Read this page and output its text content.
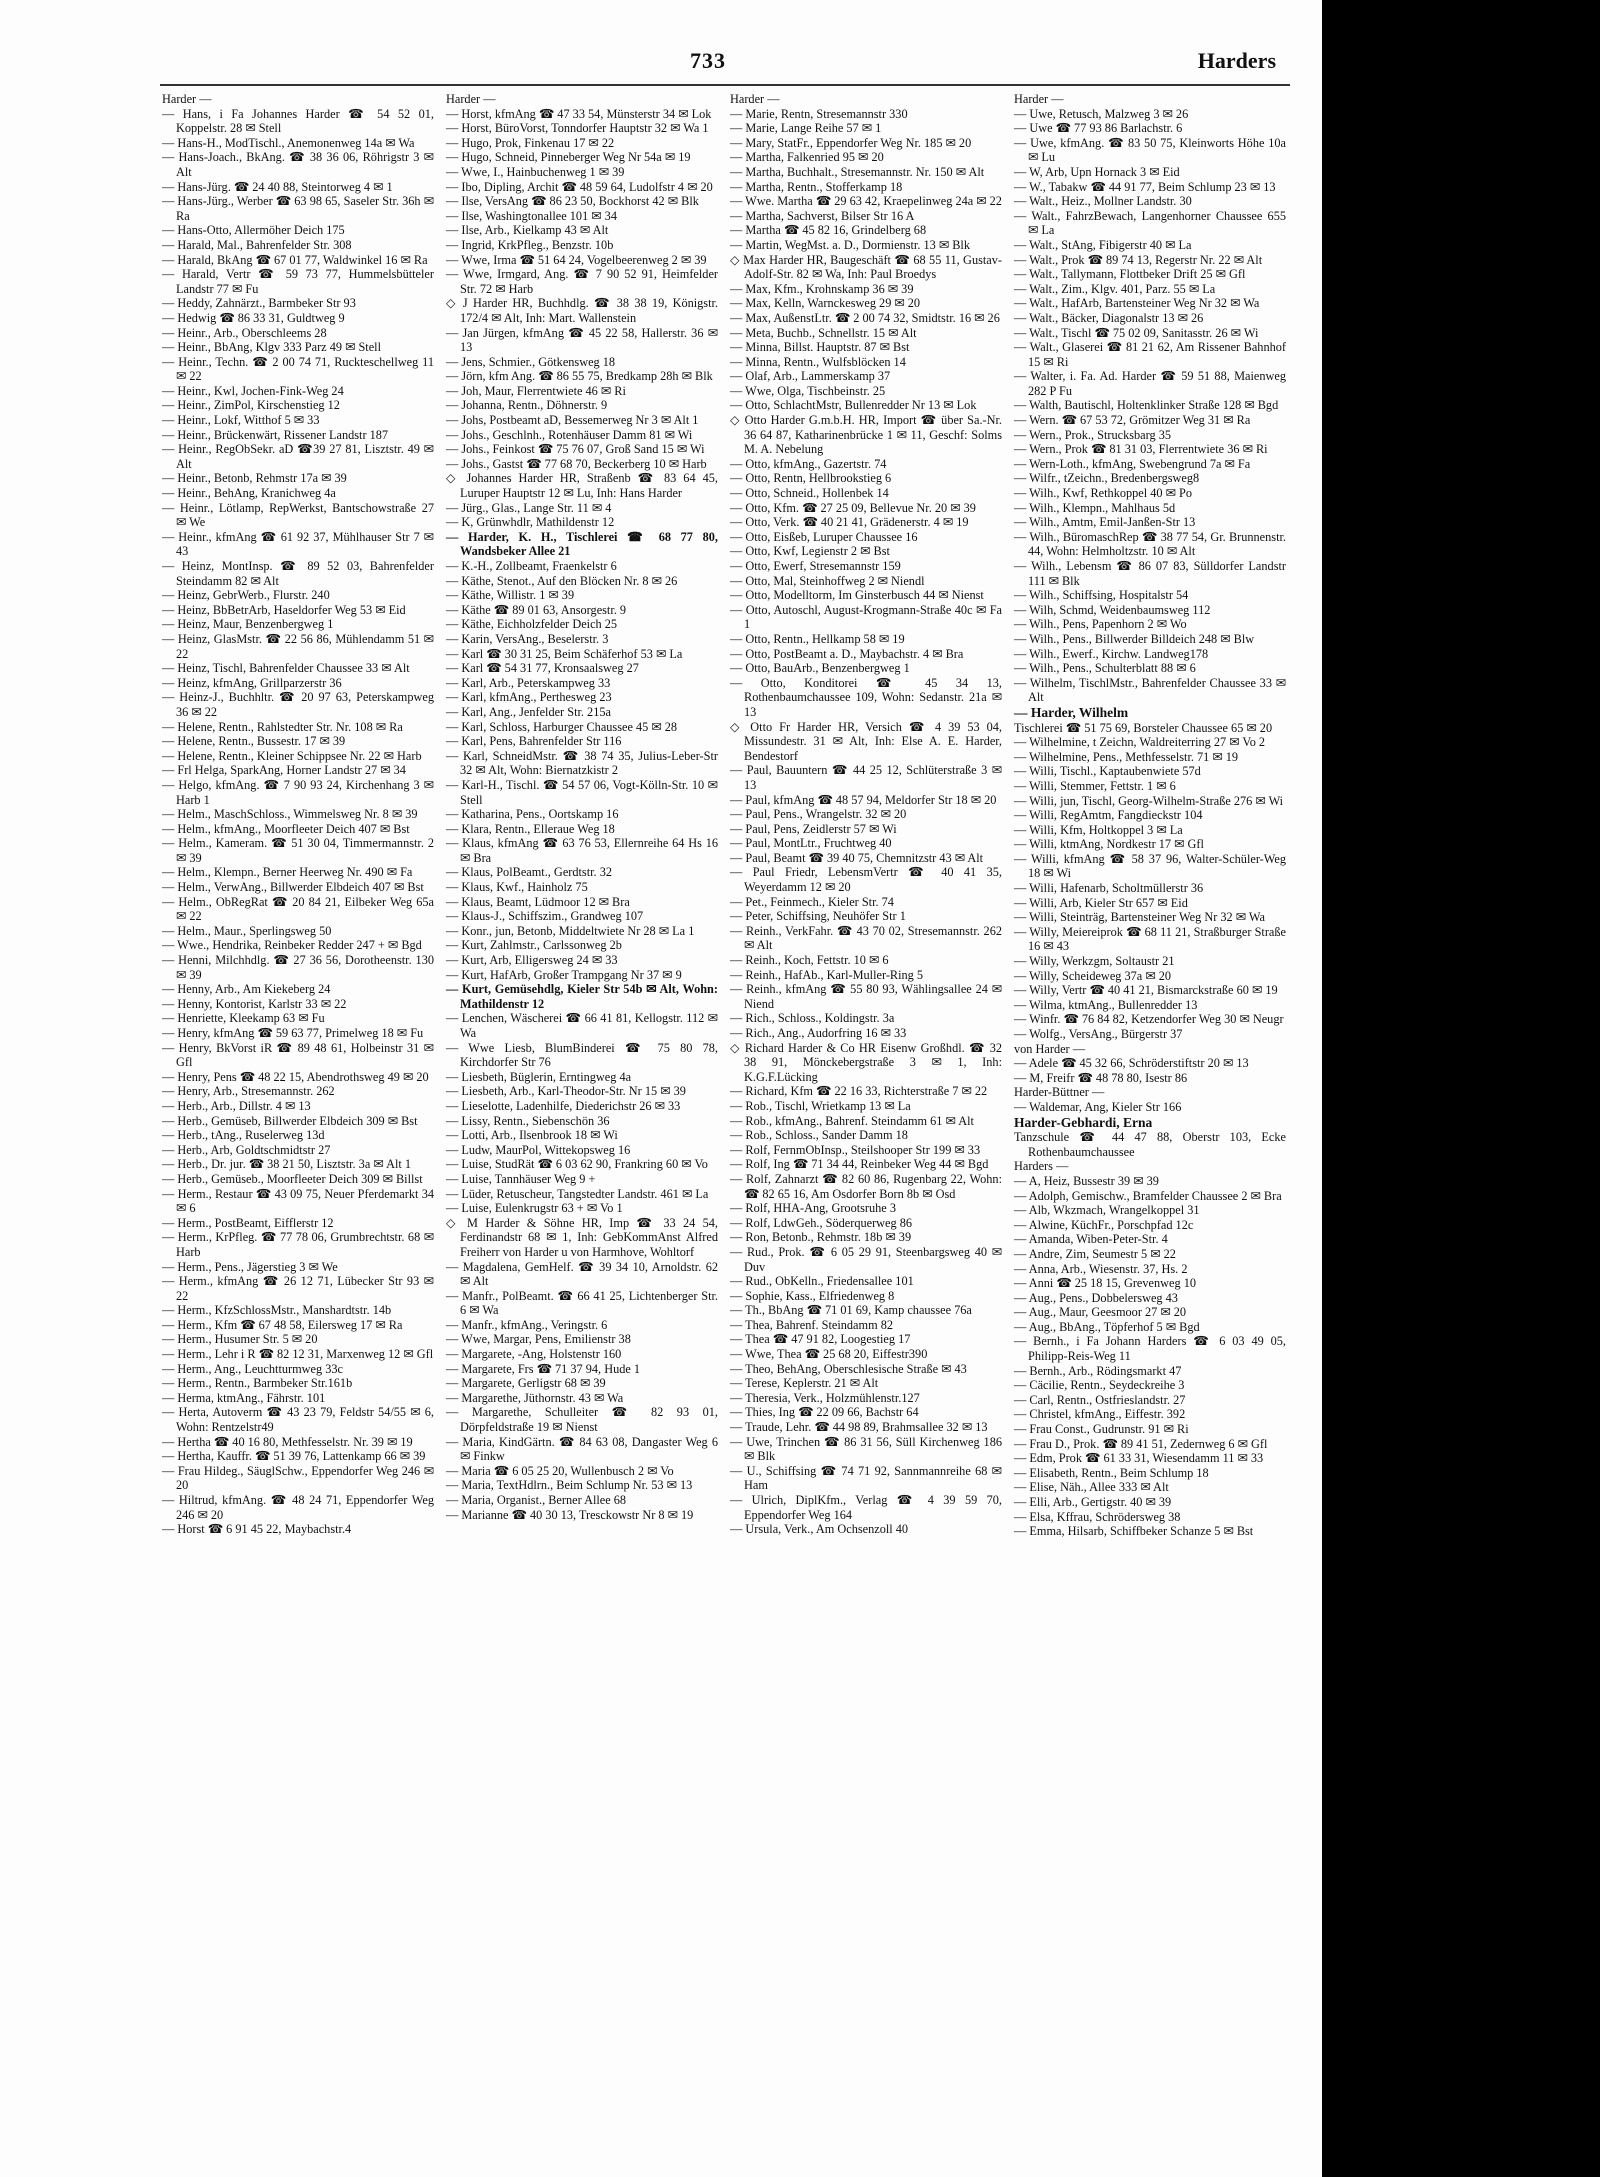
733	Harders

Harder —

— Hans, i Fa Johannes Harder ☎ 54 52 01, Koppelstr. 28 ✉ Stell

— Hans-H., ModTischl., Anemonenweg 14a ✉ Wa

— Hans-Joach., BkAng. ☎ 38 36 06, Röhrigstr 3 ✉ Alt

— Hans-Jürg. ☎ 24 40 88, Steintorweg 4 ✉ 1

— Hans-Jürg., Werber ☎ 63 98 65, Saseler Str. 36h ✉ Ra

— Hans-Otto, Allermöher Deich 175

— Harald, Mal., Bahrenfelder Str. 308

— Harald, BkAng ☎ 67 01 77, Waldwinkel 16 ✉ Ra

— Harald, Vertr ☎ 59 73 77, Hummelsbütteler Landstr 77 ✉ Fu

— Heddy, Zahnärzt., Barmbeker Str 93

— Hedwig ☎ 86 33 31, Guldtweg 9

— Heinr., Arb., Oberschleems 28

— Heinr., BbAng, Klgv 333 Parz 49 ✉ Stell

— Heinr., Techn. ☎ 2 00 74 71, Ruckteschellweg 11 ✉ 22

— Heinr., Kwl, Jochen-Fink-Weg 24

— Heinr., ZimPol, Kirschenstieg 12

— Heinr., Lokf, Witthof 5 ✉ 33

— Heinr., Brückenwärt, Rissener Landstr 187

— Heinr., RegObSekr. aD ☎39 27 81, Lisztstr. 49 ✉ Alt

— Heinr., Betonb, Rehmstr 17a ✉ 39

— Heinr., BehAng, Kranichweg 4a

— Heinr., Lötlamp, RepWerkst, Bantschowstraße 27 ✉ We

— Heinr., kfmAng ☎ 61 92 37, Mühlhauser Str 7 ✉ 43

— Heinz, MontInsp. ☎ 89 52 03, Bahrenfelder Steindamm 82 ✉ Alt

— Heinz, GebrWerb., Flurstr. 240

— Heinz, BbBetrArb, Haseldorfer Weg 53 ✉ Eid

— Heinz, Maur, Benzenbergweg 1

— Heinz, GlasMstr. ☎ 22 56 86, Mühlendamm 51 ✉ 22

— Heinz, Tischl, Bahrenfelder Chaussee 33 ✉ Alt

— Heinz, kfmAng, Grillparzerstr 36

— Heinz-J., Buchhltr. ☎ 20 97 63, Peterskampweg 36 ✉ 22

— Helene, Rentn., Rahlstedter Str. Nr. 108 ✉ Ra

— Helene, Rentn., Bussestr. 17 ✉ 39

— Helene, Rentn., Kleiner Schippsee Nr. 22 ✉ Harb

— Frl Helga, SparkAng, Horner Landstr 27 ✉ 34

— Helgo, kfmAng. ☎ 7 90 93 24, Kirchenhang 3 ✉ Harb 1

— Helm., MaschSchloss., Wimmelsweg Nr. 8 ✉ 39

— Helm., kfmAng., Moorfleeter Deich 407 ✉ Bst

— Helm., Kameram. ☎ 51 30 04, Timmermannstr. 2 ✉ 39

— Helm., Klempn., Berner Heerweg Nr. 490 ✉ Fa

— Helm., VerwAng., Billwerder Elbdeich 407 ✉ Bst

— Helm., ObRegRat ☎ 20 84 21, Eilbeker Weg 65a ✉ 22

— Helm., Maur., Sperlingsweg 50

— Wwe., Hendrika, Reinbeker Redder 247 + ✉ Bgd

— Henni, Milchhdlg. ☎ 27 36 56, Dorotheenstr. 130 ✉ 39

— Henny, Arb., Am Kiekeberg 24

— Henny, Kontorist, Karlstr 33 ✉ 22

— Henriette, Kleekamp 63 ✉ Fu

— Henry, kfmAng ☎ 59 63 77, Primelweg 18 ✉ Fu

— Henry, BkVorst iR ☎ 89 48 61, Holbeinstr 31 ✉ Gfl

— Henry, Pens ☎ 48 22 15, Abendrothsweg 49 ✉ 20

— Henry, Arb., Stresemannstr. 262

— Herb., Arb., Dillstr. 4 ✉ 13

— Herb., Gemüseb, Billwerder Elbdeich 309 ✉ Bst

— Herb., tAng., Ruselerweg 13d

— Herb., Arb, Goldtschmidtstr 27

— Herb., Dr. jur. ☎ 38 21 50, Lisztstr. 3a ✉ Alt 1

— Herb., Gemüseb., Moorfleeter Deich 309 ✉ Billst

— Herm., Restaur ☎ 43 09 75, Neuer Pferdemarkt 34 ✉ 6

— Herm., PostBeamt, Eifflerstr 12

— Herm., KrPfleg. ☎ 77 78 06, Grumbrechtstr. 68 ✉ Harb

— Herm., Pens., Jägerstieg 3 ✉ We

— Herm., kfmAng ☎ 26 12 71, Lübecker Str 93 ✉ 22

— Herm., KfzSchlossMstr., Manshardtstr. 14b

— Herm., Kfm ☎ 67 48 58, Eilersweg 17 ✉ Ra

— Herm., Husumer Str. 5 ✉ 20

— Herm., Lehr i R ☎ 82 12 31, Marxenweg 12 ✉ Gfl

— Herm., Ang., Leuchtturmweg 33c

— Herm., Rentn., Barmbeker Str.161b

— Herma, ktmAng., Fährstr. 101

— Herta, Autoverm ☎ 43 23 79, Feldstr 54/55 ✉ 6, Wohn: Rentzelstr49

— Hertha ☎ 40 16 80, Methfesselstr. Nr. 39 ✉ 19

— Hertha, Kauffr. ☎ 51 39 76, Lattenkamp 66 ✉ 39

— Frau Hildeg., SäuglSchw., Eppendorfer Weg 246 ✉ 20

— Hiltrud, kfmAng. ☎ 48 24 71, Eppendorfer Weg 246 ✉ 20

— Horst ☎ 6 91 45 22, Maybachstr.4

Harder —

— Horst, kfmAng ☎ 47 33 54, Münsterstr 34 ✉ Lok

— Horst, BüroVorst, Tonndorfer Hauptstr 32 ✉ Wa 1

— Hugo, Prok, Finkenau 17 ✉ 22

— Hugo, Schneid, Pinneberger Weg Nr 54a ✉ 19

— Wwe, I., Hainbuchenweg 1 ✉ 39

— Ibo, Dipling, Archit ☎ 48 59 64, Ludolfstr 4 ✉ 20

— Ilse, VersAng ☎ 86 23 50, Bockhorst 42 ✉ Blk

— Ilse, Washingtonallee 101 ✉ 34

— Ilse, Arb., Kielkamp 43 ✉ Alt

— Ingrid, KrkPfleg., Benzstr. 10b

— Wwe, Irma ☎ 51 64 24, Vogelbeerenweg 2 ✉ 39

— Wwe, Irmgard, Ang. ☎ 7 90 52 91, Heimfelder Str. 72 ✉ Harb

◇ J Harder HR, Buchhdlg. ☎ 38 38 19, Königstr. 172/4 ✉ Alt, Inh: Mart. Wallenstein

— Jan Jürgen, kfmAng ☎ 45 22 58, Hallerstr. 36 ✉ 13

— Jens, Schmier., Götkensweg 18

— Jörn, kfm Ang. ☎ 86 55 75, Bredkamp 28h ✉ Blk

— Joh, Maur, Flerrentwiete 46 ✉ Ri

— Johanna, Rentn., Döhnerstr. 9

— Johs, Postbeamt aD, Bessemerweg Nr 3 ✉ Alt 1

— Johs., Geschlnh., Rotenhäuser Damm 81 ✉ Wi

— Johs., Feinkost ☎ 75 76 07, Groß Sand 15 ✉ Wi

— Johs., Gastst ☎ 77 68 70, Beckerberg 10 ✉ Harb

◇ Johannes Harder HR, Straßenb ☎ 83 64 45, Luruper Hauptstr 12 ✉ Lu, Inh: Hans Harder

— Jürg., Glas., Lange Str. 11 ✉ 4

— K, Grünwhdlr, Mathildenstr 12

— Harder, K. H., Tischlerei ☎ 68 77 80, Wandsbeker Allee 21

— K.-H., Zollbeamt, Fraenkelstr 6

— Käthe, Stenot., Auf den Blöcken Nr. 8 ✉ 26

— Käthe, Willistr. 1 ✉ 39

— Käthe ☎ 89 01 63, Ansorgestr. 9

— Käthe, Eichholzfelder Deich 25

— Karin, VersAng., Beselerstr. 3

— Karl ☎ 30 31 25, Beim Schäferhof 53 ✉ La

— Karl ☎ 54 31 77, Kronsaalsweg 27

— Karl, Arb., Peterskampweg 33

— Karl, kfmAng., Perthesweg 23

— Karl, Ang., Jenfelder Str. 215a

— Karl, Schloss, Harburger Chaussee 45 ✉ 28

— Karl, Pens, Bahrenfelder Str 116

— Karl, SchneidMstr. ☎ 38 74 35, Julius-Leber-Str 32 ✉ Alt, Wohn: Biernatzkistr 2

— Karl-H., Tischl. ☎ 54 57 06, Vogt-Kölln-Str. 10 ✉ Stell

— Katharina, Pens., Oortskamp 16

— Klara, Rentn., Elleraue Weg 18

— Klaus, kfmAng ☎ 63 76 53, Ellernreihe 64 Hs 16 ✉ Bra

— Klaus, PolBeamt., Gerdtstr. 32

— Klaus, Kwf., Hainholz 75

— Klaus, Beamt, Lüdmoor 12 ✉ Bra

— Klaus-J., Schiffszim., Grandweg 107

— Konr., jun, Betonb, Middeltwiete Nr 28 ✉ La 1

— Kurt, Zahlmstr., Carlssonweg 2b

— Kurt, Arb, Elligersweg 24 ✉ 33

— Kurt, HafArb, Großer Trampgang Nr 37 ✉ 9

— Kurt, Gemüsehdlg, Kieler Str 54b ✉ Alt, Wohn: Mathildenstr 12

— Lenchen, Wäscherei ☎ 66 41 81, Kellogstr. 112 ✉ Wa

— Wwe Liesb, BlumBinderei ☎ 75 80 78, Kirchdorfer Str 76

— Liesbeth, Büglerin, Erntingweg 4a

— Liesbeth, Arb., Karl-Theodor-Str. Nr 15 ✉ 39

— Lieselotte, Ladenhilfe, Diederichstr 26 ✉ 33

— Lissy, Rentn., Siebenschön 36

— Lotti, Arb., Ilsenbrook 18 ✉ Wi

— Ludw, MaurPol, Wittekopsweg 16

— Luise, StudRät ☎ 6 03 62 90, Frankring 60 ✉ Vo

— Luise, Tannhäuser Weg 9 +

— Lüder, Retuscheur, Tangstedter Landstr. 461 ✉ La

— Luise, Eulenkrugstr 63 + ✉ Vo 1

◇ M Harder & Söhne HR, Imp ☎ 33 24 54, Ferdinandstr 68 ✉ 1, Inh: GebKommAnst Alfred Freiherr von Harder u von Harmhove, Wohltorf

— Magdalena, GemHelf. ☎ 39 34 10, Arnoldstr. 62 ✉ Alt

— Manfr., PolBeamt. ☎ 66 41 25, Lichtenberger Str. 6 ✉ Wa

— Manfr., kfmAng., Veringstr. 6

— Wwe, Margar, Pens, Emilienstr 38

— Margarete, -Ang, Holstenstr 160

— Margarete, Frs ☎ 71 37 94, Hude 1

— Margarete, Gerligstr 68 ✉ 39

— Margarethe, Jüthornstr. 43 ✉ Wa

— Margarethe, Schulleiter ☎ 82 93 01, Dörpfeldstraße 19 ✉ Nienst

— Maria, KindGärtn. ☎ 84 63 08, Dangaster Weg 6 ✉ Finkw

— Maria ☎ 6 05 25 20, Wullenbusch 2 ✉ Vo

— Maria, TextHdlrn., Beim Schlump Nr. 53 ✉ 13

— Maria, Organist., Berner Allee 68

— Marianne ☎ 40 30 13, Tresckowstr Nr 8 ✉ 19

Harder —

— Marie, Rentn, Stresemannstr 330

— Marie, Lange Reihe 57 ✉ 1

— Mary, StatFr., Eppendorfer Weg Nr. 185 ✉ 20

— Martha, Falkenried 95 ✉ 20

— Martha, Buchhalt., Stresemannstr. Nr. 150 ✉ Alt

— Martha, Rentn., Stofferkamp 18

— Wwe. Martha ☎ 29 63 42, Kraepelinweg 24a ✉ 22

— Martha, Sachverst, Bilser Str 16 A

— Martha ☎ 45 82 16, Grindelberg 68

— Martin, WegMst. a. D., Dormienstr. 13 ✉ Blk

◇ Max Harder HR, Baugeschäft ☎ 68 55 11, Gustav-Adolf-Str. 82 ✉ Wa, Inh: Paul Broedys

— Max, Kfm., Krohnskamp 36 ✉ 39

— Max, Kelln, Warnckesweg 29 ✉ 20

— Max, AußenstLtr. ☎ 2 00 74 32, Smidtstr. 16 ✉ 26

— Meta, Buchb., Schnellstr. 15 ✉ Alt

— Minna, Billst. Hauptstr. 87 ✉ Bst

— Minna, Rentn., Wulfsblöcken 14

— Olaf, Arb., Lammerskamp 37

— Wwe, Olga, Tischbeinstr. 25

— Otto, SchlachtMstr, Bullenredder Nr 13 ✉ Lok

◇ Otto Harder G.m.b.H. HR, Import ☎ über Sa.-Nr. 36 64 87, Katharinenbrücke 1 ✉ 11, Geschf: Solms M. A. Nebelung

— Otto, kfmAng., Gazertstr. 74

— Otto, Rentn, Hellbrookstieg 6

— Otto, Schneid., Hollenbek 14

— Otto, Kfm. ☎ 27 25 09, Bellevue Nr. 20 ✉ 39

— Otto, Verk. ☎ 40 21 41, Grädenerstr. 4 ✉ 19

— Otto, Eisßeb, Luruper Chaussee 16

— Otto, Kwf, Legienstr 2 ✉ Bst

— Otto, Ewerf, Stresemannstr 159

— Otto, Mal, Steinhoffweg 2 ✉ Niendl

— Otto, Modelltorm, Im Ginsterbusch 44 ✉ Nienst

— Otto, Autoschl, August-Krogmann-Straße 40c ✉ Fa 1

— Otto, Rentn., Hellkamp 58 ✉ 19

— Otto, PostBeamt a. D., Maybachstr. 4 ✉ Bra

— Otto, BauArb., Benzenbergweg 1

— Otto, Konditorei ☎ 45 34 13, Rothenbaumchaussee 109, Wohn: Sedanstr. 21a ✉ 13

◇ Otto Fr Harder HR, Versich ☎ 4 39 53 04, Missundestr. 31 ✉ Alt, Inh: Else A. E. Harder, Bendestorf

— Paul, Bauuntern ☎ 44 25 12, Schlüterstraße 3 ✉ 13

— Paul, kfmAng ☎ 48 57 94, Meldorfer Str 18 ✉ 20

— Paul, Pens., Wrangelstr. 32 ✉ 20

— Paul, Pens, Zeidlerstr 57 ✉ Wi

— Paul, MontLtr., Fruchtweg 40

— Paul, Beamt ☎ 39 40 75, Chemnitzstr 43 ✉ Alt

— Paul Friedr, LebensmVertr ☎ 40 41 35, Weyerdamm 12 ✉ 20

— Pet., Feinmech., Kieler Str. 74

— Peter, Schiffsing, Neuhöfer Str 1

— Reinh., VerkFahr. ☎ 43 70 02, Stresemannstr. 262 ✉ Alt

— Reinh., Koch, Fettstr. 10 ✉ 6

— Reinh., HafAb., Karl-Muller-Ring 5

— Reinh., kfmAng ☎ 55 80 93, Wählingsallee 24 ✉ Niend

— Rich., Schloss., Koldingstr. 3a

— Rich., Ang., Audorfring 16 ✉ 33

◇ Richard Harder & Co HR Eisenw Großhdl. ☎ 32 38 91, Mönckebergstraße 3 ✉ 1, Inh: K.G.F.Lücking

— Richard, Kfm ☎ 22 16 33, Richterstraße 7 ✉ 22

— Rob., Tischl, Wrietkamp 13 ✉ La

— Rob., kfmAng., Bahrenf. Steindamm 61 ✉ Alt

— Rob., Schloss., Sander Damm 18

— Rolf, FernmObInsp., Steilshooper Str 199 ✉ 33

— Rolf, Ing ☎ 71 34 44, Reinbeker Weg 44 ✉ Bgd

— Rolf, Zahnarzt ☎ 82 60 86, Rugenbarg 22, Wohn: ☎ 82 65 16, Am Osdorfer Born 8b ✉ Osd

— Rolf, HHA-Ang, Grootsruhe 3

— Rolf, LdwGeh., Söderquerweg 86

— Ron, Betonb., Rehmstr. 18b ✉ 39

— Rud., Prok. ☎ 6 05 29 91, Steenbargsweg 40 ✉ Duv

— Rud., ObKelln., Friedensallee 101

— Sophie, Kass., Elfriedenweg 8

— Th., BbAng ☎ 71 01 69, Kamp chaussee 76a

— Thea, Bahrenf. Steindamm 82

— Thea ☎ 47 91 82, Loogestieg 17

— Wwe, Thea ☎ 25 68 20, Eiffestr390

— Theo, BehAng, Oberschlesische Straße ✉ 43

— Terese, Keplerstr. 21 ✉ Alt

— Theresia, Verk., Holzmühlenstr.127

— Thies, Ing ☎ 22 09 66, Bachstr 64

— Traude, Lehr. ☎ 44 98 89, Brahmsallee 32 ✉ 13

— Uwe, Trinchen ☎ 86 31 56, Süll Kirchenweg 186 ✉ Blk

— U., Schiffsing ☎ 74 71 92, Sannmannreihe 68 ✉ Ham

— Ulrich, DiplKfm., Verlag ☎ 4 39 59 70, Eppendorfer Weg 164

— Ursula, Verk., Am Ochsenzoll 40

Harder —

— Uwe, Retusch, Malzweg 3 ✉ 26

— Uwe ☎ 77 93 86 Barlachstr. 6

— Uwe, kfmAng. ☎ 83 50 75, Kleinworts Höhe 10a ✉ Lu

— W, Arb, Upn Hornack 3 ✉ Eid

— W., Tabakw ☎ 44 91 77, Beim Schlump 23 ✉ 13

— Walt., Heiz., Mollner Landstr. 30

— Walt., FahrzBewach, Langenhorner Chaussee 655 ✉ La

— Walt., StAng, Fibigerstr 40 ✉ La

— Walt., Prok ☎ 89 74 13, Regerstr Nr. 22 ✉ Alt

— Walt., Tallymann, Flottbeker Drift 25 ✉ Gfl

— Walt., Zim., Klgv. 401, Parz. 55 ✉ La

— Walt., HafArb, Bartensteiner Weg Nr 32 ✉ Wa

— Walt., Bäcker, Diagonalstr 13 ✉ 26

— Walt., Tischl ☎ 75 02 09, Sanitasstr. 26 ✉ Wi

— Walt., Glaserei ☎ 81 21 62, Am Rissener Bahnhof 15 ✉ Ri

— Walter, i. Fa. Ad. Harder ☎ 59 51 88, Maienweg 282 P Fu

— Walth, Bautischl, Holtenklinker Straße 128 ✉ Bgd

— Wern. ☎ 67 53 72, Grömitzer Weg 31 ✉ Ra

— Wern., Prok., Strucksbarg 35

— Wern., Prok ☎ 81 31 03, Flerrentwiete 36 ✉ Ri

— Wern-Loth., kfmAng, Swebengrund 7a ✉ Fa

— Wilfr., tZeichn., Bredenbergsweg8

— Wilh., Kwf, Rethkoppel 40 ✉ Po

— Wilh., Klempn., Mahlhaus 5d

— Wilh., Amtm, Emil-Janßen-Str 13

— Wilh., BüromaschRep ☎ 38 77 54, Gr. Brunnenstr. 44, Wohn: Helmholtzstr. 10 ✉ Alt

— Wilh., Lebensm ☎ 86 07 83, Sülldorfer Landstr 111 ✉ Blk

— Wilh., Schiffsing, Hospitalstr 54

— Wilh, Schmd, Weidenbaumsweg 112

— Wilh., Pens, Papenhorn 2 ✉ Wo

— Wilh., Pens., Billwerder Billdeich 248 ✉ Blw

— Wilh., Ewerf., Kirchw. Landweg178

— Wilh., Pens., Schulterblatt 88 ✉ 6

— Wilhelm, TischlMstr., Bahrenfelder Chaussee 33 ✉ Alt

— Harder, Wilhelm

Tischlerei ☎ 51 75 69, Borsteler Chaussee 65 ✉ 20

— Wilhelmine, t Zeichn, Waldreiterring 27 ✉ Vo 2

— Wilhelmine, Pens., Methfesselstr. 71 ✉ 19

— Willi, Tischl., Kaptaubenwiete 57d

— Willi, Stemmer, Fettstr. 1 ✉ 6

— Willi, jun, Tischl, Georg-Wilhelm-Straße 276 ✉ Wi

— Willi, RegAmtm, Fangdieckstr 104

— Willi, Kfm, Holtkoppel 3 ✉ La

— Willi, ktmAng, Nordkestr 17 ✉ Gfl

— Willi, kfmAng ☎ 58 37 96, Walter-Schüler-Weg 18 ✉ Wi

— Willi, Hafenarb, Scholtmüllerstr 36

— Willi, Arb, Kieler Str 657 ✉ Eid

— Willi, Steinträg, Bartensteiner Weg Nr 32 ✉ Wa

— Willy, Meiereiprok ☎ 68 11 21, Straßburger Straße 16 ✉ 43

— Willy, Werkzgm, Soltaustr 21

— Willy, Scheideweg 37a ✉ 20

— Willy, Vertr ☎ 40 41 21, Bismarckstraße 60 ✉ 19

— Wilma, ktmAng., Bullenredder 13

— Winfr. ☎ 76 84 82, Ketzendorfer Weg 30 ✉ Neugr

— Wolfg., VersAng., Bürgerstr 37

von Harder —

— Adele ☎ 45 32 66, Schröderstiftstr 20 ✉ 13

— M, Freifr ☎ 48 78 80, Isestr 86

Harder-Büttner —

— Waldemar, Ang, Kieler Str 166

Harder-Gebhardi, Erna

Tanzschule ☎ 44 47 88, Oberstr 103, Ecke Rothenbaumchaussee

Harders —

— A, Heiz, Bussestr 39 ✉ 39

— Adolph, Gemischw., Bramfelder Chaussee 2 ✉ Bra

— Alb, Wkzmach, Wrangelkoppel 31

— Alwine, KüchFr., Porschpfad 12c

— Amanda, Wiben-Peter-Str. 4

— Andre, Zim, Seumestr 5 ✉ 22

— Anna, Arb., Wiesenstr. 37, Hs. 2

— Anni ☎ 25 18 15, Grevenweg 10

— Aug., Pens., Dobbelersweg 43

— Aug., Maur, Geesmoor 27 ✉ 20

— Aug., BbAng., Töpferhof 5 ✉ Bgd

— Bernh., i Fa Johann Harders ☎ 6 03 49 05, Philipp-Reis-Weg 11

— Bernh., Arb., Rödingsmarkt 47

— Cäcilie, Rentn., Seydeckreihe 3

— Carl, Rentn., Ostfrieslandstr. 27

— Christel, kfmAng., Eiffestr. 392

— Frau Const., Gudrunstr. 91 ✉ Ri

— Frau D., Prok. ☎ 89 41 51, Zedernweg 6 ✉ Gfl

— Edm, Prok ☎ 61 33 31, Wiesendamm 11 ✉ 33

— Elisabeth, Rentn., Beim Schlump 18

— Elise, Näh., Allee 333 ✉ Alt

— Elli, Arb., Gertigstr. 40 ✉ 39

— Elsa, Kffrau, Schrödersweg 38

— Emma, Hilsarb, Schiffbeker Schanze 5 ✉ Bst
